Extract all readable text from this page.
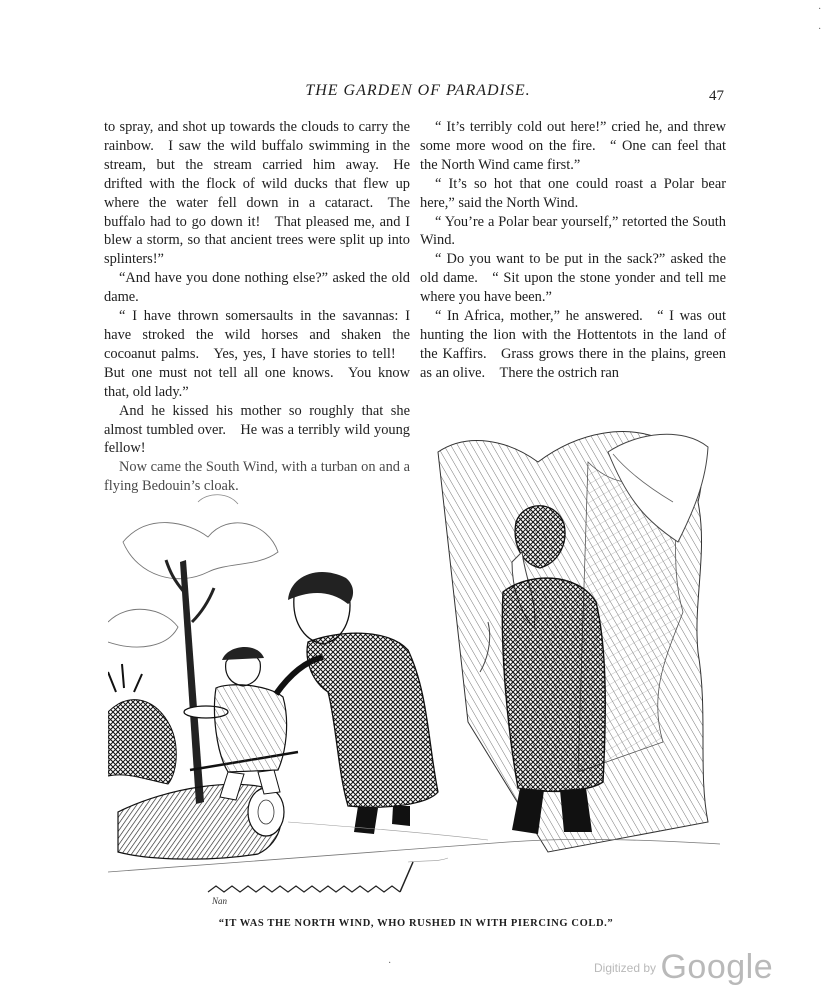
THE GARDEN OF PARADISE.	47

to spray, and shot up towards the clouds to carry the rainbow. I saw the wild buffalo swimming in the stream, but the stream carried him away. He drifted with the flock of wild ducks that flew up where the water fell down in a cataract. The buffalo had to go down it! That pleased me, and I blew a storm, so that ancient trees were split up into splinters!”

“And have you done nothing else?” asked the old dame.

“ I have thrown somersaults in the savannas: I have stroked the wild horses and shaken the cocoanut palms. Yes, yes, I have stories to tell! But one must not tell all one knows. You know that, old lady.”

And he kissed his mother so roughly that she almost tumbled over. He was a terribly wild young fellow!

Now came the South Wind, with a turban on and a flying Bedouin’s cloak.

“ It’s terribly cold out here!” cried he, and threw some more wood on the fire. “ One can feel that the North Wind came first.”

“ It’s so hot that one could roast a Polar bear here,” said the North Wind.

“ You’re a Polar bear yourself,” retorted the South Wind.

“ Do you want to be put in the sack?” asked the old dame. “ Sit upon the stone yonder and tell me where you have been.”

“ In Africa, mother,” he answered. “ I was out hunting the lion with the Hottentots in the land of the Kaffirs. Grass grows there in the plains, green as an olive. There the ostrich ran

Nan
“IT WAS THE NORTH WIND, WHO RUSHED IN WITH PIERCING COLD.”
·
·
·
$^{Digitized by}$ Google
